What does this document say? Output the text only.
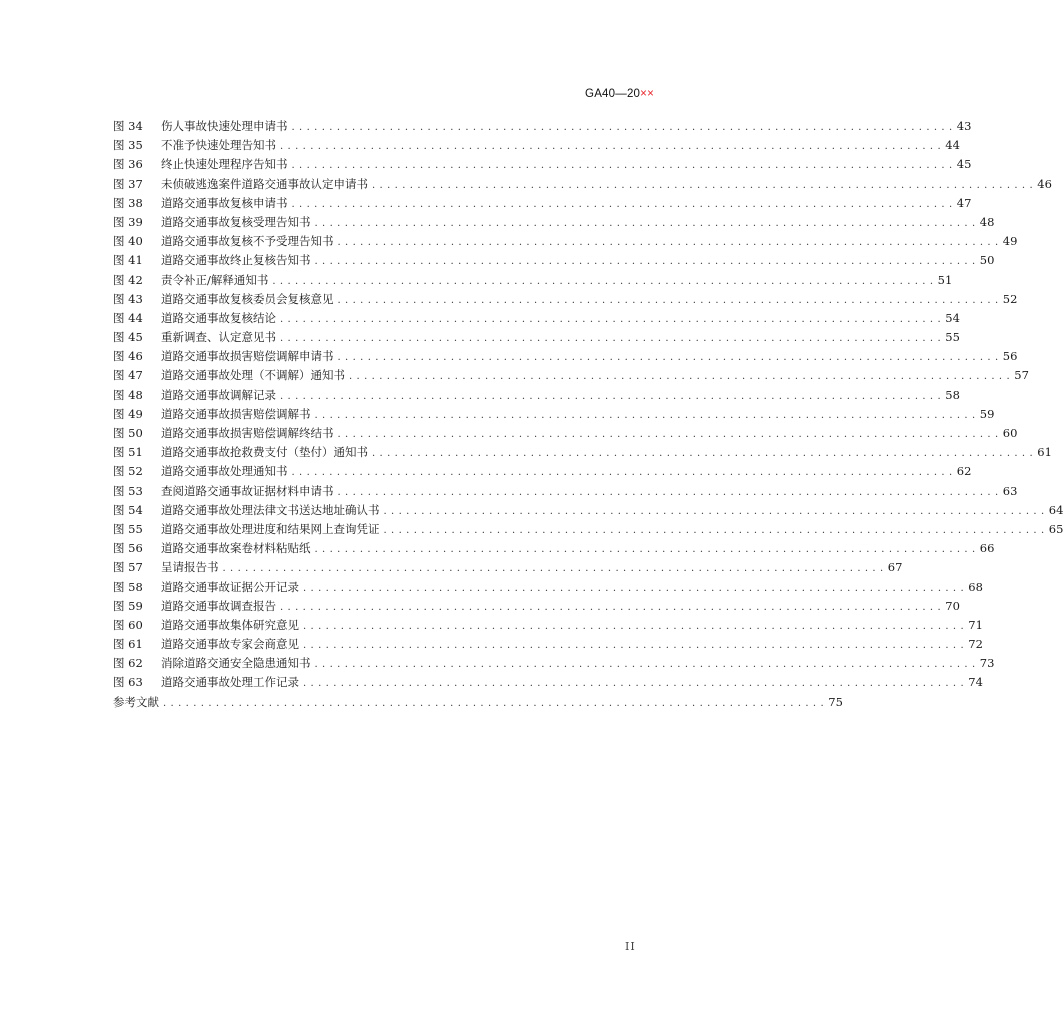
GA40—20××
图 34	伤人事故快速处理申请书 . . .	43
图 35	不准予快速处理告知书 . . .	44
图 36	终止快速处理程序告知书 . . .	45
图 37	未侦破逃逸案件道路交通事故认定申请书 . . .	46
图 38	道路交通事故复核申请书 . . .	47
图 39	道路交通事故复核受理告知书 . . .	48
图 40	道路交通事故复核不予受理告知书 . . .	49
图 41	道路交通事故终止复核告知书 . . .	50
图 42	责令补正/解释通知书 . . .	51
图 43	道路交通事故复核委员会复核意见 . . .	52
图 44	道路交通事故复核结论 . . .	54
图 45	重新调查、认定意见书 . . .	55
图 46	道路交通事故损害赔偿调解申请书 . . .	56
图 47	道路交通事故处理（不调解）通知书 . . .	57
图 48	道路交通事故调解记录 . . .	58
图 49	道路交通事故损害赔偿调解书 . . .	59
图 50	道路交通事故损害赔偿调解终结书 . . .	60
图 51	道路交通事故抢救费支付（垫付）通知书 . . .	61
图 52	道路交通事故处理通知书 . . .	62
图 53	查阅道路交通事故证据材料申请书 . . .	63
图 54	道路交通事故处理法律文书送达地址确认书 . . .	64
图 55	道路交通事故处理进度和结果网上查询凭证 . . .	65
图 56	道路交通事故案卷材料粘贴纸 . . .	66
图 57	呈请报告书 . . .	67
图 58	道路交通事故证据公开记录 . . .	68
图 59	道路交通事故调查报告 . . .	70
图 60	道路交通事故集体研究意见 . . .	71
图 61	道路交通事故专家会商意见 . . .	72
图 62	消除道路交通安全隐患通知书 . . .	73
图 63	道路交通事故处理工作记录 . . .	74
参考文献 . . .	75
II
